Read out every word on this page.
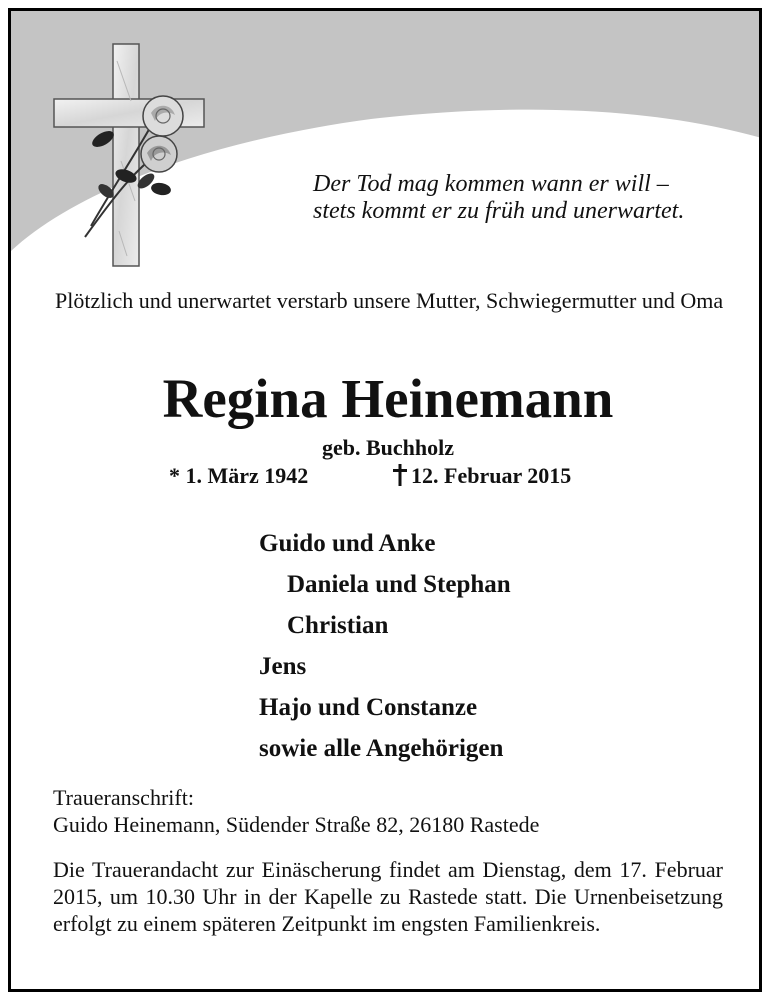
Der Tod mag kommen wann er will –
stets kommt er zu früh und unerwartet.
Plötzlich und unerwartet verstarb unsere Mutter, Schwiegermutter und Oma
Regina Heinemann
geb. Buchholz
* 1. März 1942	12. Februar 2015
Guido und Anke
Daniela und Stephan
Christian
Jens
Hajo und Constanze
sowie alle Angehörigen
Traueranschrift:
Guido Heinemann, Südender Straße 82, 26180 Rastede
Die Trauerandacht zur Einäscherung findet am Dienstag, dem 17. Februar 2015, um 10.30 Uhr in der Kapelle zu Rastede statt. Die Urnenbeisetzung erfolgt zu einem späteren Zeitpunkt im engsten Familienkreis.
